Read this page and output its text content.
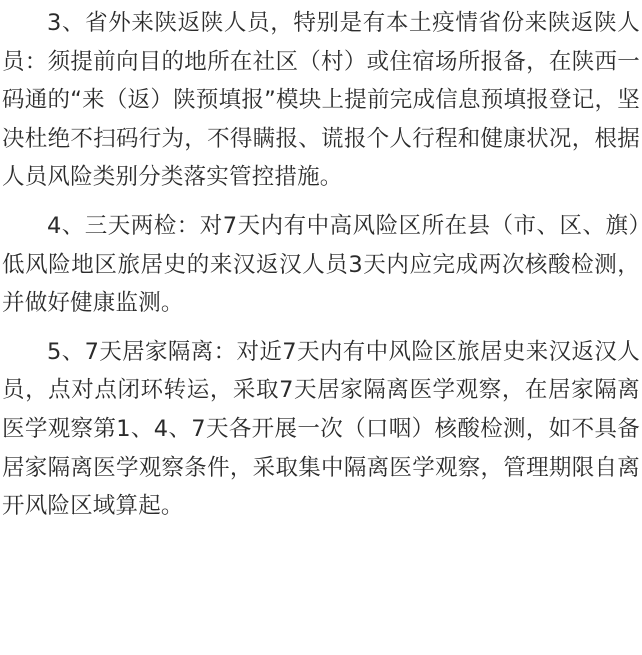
3、省外来陕返陕人员，特别是有本土疫情省份来陕返陕人员：须提前向目的地所在社区（村）或住宿场所报备，在陕西一码通的“来（返）陕预填报”模块上提前完成信息预填报登记，坚决杜绝不扫码行为，不得瞒报、谎报个人行程和健康状况，根据人员风险类别分类落实管控措施。

4、三天两检：对7天内有中高风险区所在县（市、区、旗）低风险地区旅居史的来汉返汉人员3天内应完成两次核酸检测，并做好健康监测。

5、7天居家隔离：对近7天内有中风险区旅居史来汉返汉人员，点对点闭环转运，采取7天居家隔离医学观察，在居家隔离医学观察第1、4、7天各开展一次（口咽）核酸检测，如不具备居家隔离医学观察条件，采取集中隔离医学观察，管理期限自离开风险区域算起。
